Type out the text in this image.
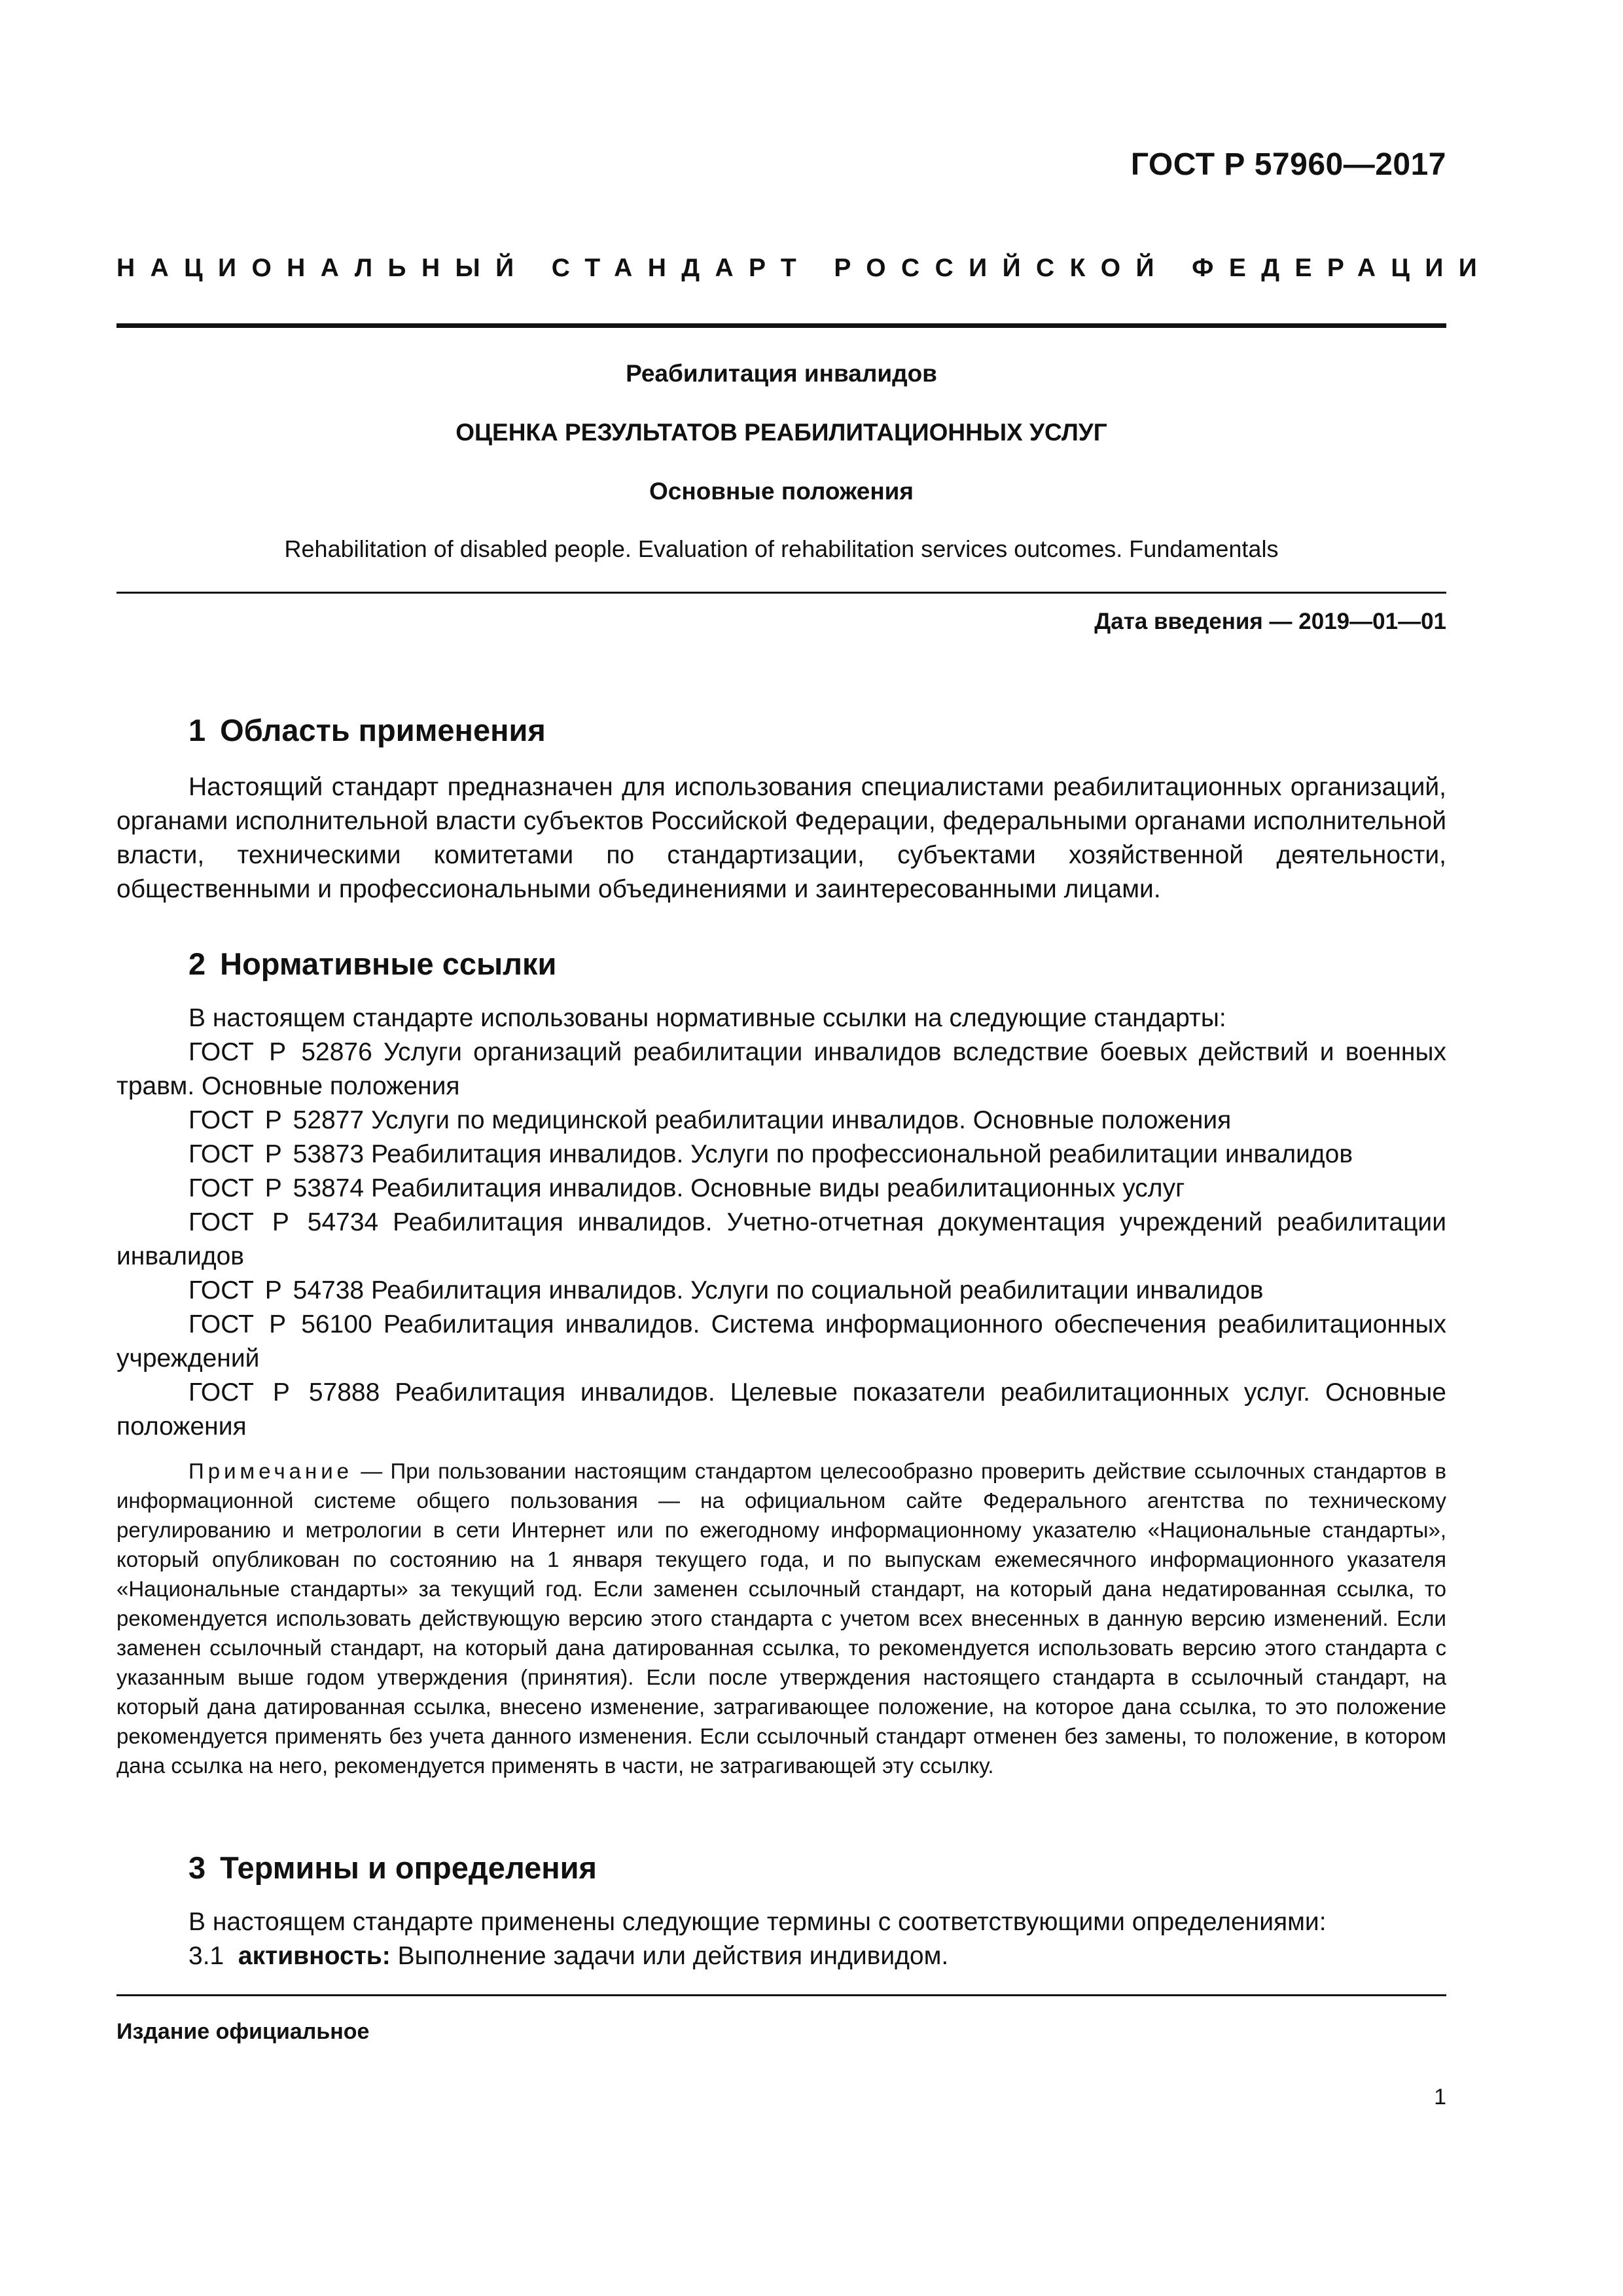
ГОСТ Р 57960—2017
НАЦИОНАЛЬНЫЙ СТАНДАРТ РОССИЙСКОЙ ФЕДЕРАЦИИ
Реабилитация инвалидов
ОЦЕНКА РЕЗУЛЬТАТОВ РЕАБИЛИТАЦИОННЫХ УСЛУГ
Основные положения
Rehabilitation of disabled people. Evaluation of rehabilitation services outcomes. Fundamentals
Дата введения — 2019—01—01
1 Область применения
Настоящий стандарт предназначен для использования специалистами реабилитационных организаций, органами исполнительной власти субъектов Российской Федерации, федеральными органами исполнительной власти, техническими комитетами по стандартизации, субъектами хозяйственной деятельности, общественными и профессиональными объединениями и заинтересованными лицами.
2 Нормативные ссылки
В настоящем стандарте использованы нормативные ссылки на следующие стандарты:
ГОСТ Р 52876 Услуги организаций реабилитации инвалидов вследствие боевых действий и военных травм. Основные положения
ГОСТ Р 52877 Услуги по медицинской реабилитации инвалидов. Основные положения
ГОСТ Р 53873 Реабилитация инвалидов. Услуги по профессиональной реабилитации инвалидов
ГОСТ Р 53874 Реабилитация инвалидов. Основные виды реабилитационных услуг
ГОСТ Р 54734 Реабилитация инвалидов. Учетно-отчетная документация учреждений реабилитации инвалидов
ГОСТ Р 54738 Реабилитация инвалидов. Услуги по социальной реабилитации инвалидов
ГОСТ Р 56100 Реабилитация инвалидов. Система информационного обеспечения реабилитационных учреждений
ГОСТ Р 57888 Реабилитация инвалидов. Целевые показатели реабилитационных услуг. Основные положения
Примечание — При пользовании настоящим стандартом целесообразно проверить действие ссылочных стандартов в информационной системе общего пользования — на официальном сайте Федерального агентства по техническому регулированию и метрологии в сети Интернет или по ежегодному информационному указателю «Национальные стандарты», который опубликован по состоянию на 1 января текущего года, и по выпускам ежемесячного информационного указателя «Национальные стандарты» за текущий год. Если заменен ссылочный стандарт, на который дана недатированная ссылка, то рекомендуется использовать действующую версию этого стандарта с учетом всех внесенных в данную версию изменений. Если заменен ссылочный стандарт, на который дана датированная ссылка, то рекомендуется использовать версию этого стандарта с указанным выше годом утверждения (принятия). Если после утверждения настоящего стандарта в ссылочный стандарт, на который дана датированная ссылка, внесено изменение, затрагивающее положение, на которое дана ссылка, то это положение рекомендуется применять без учета данного изменения. Если ссылочный стандарт отменен без замены, то положение, в котором дана ссылка на него, рекомендуется применять в части, не затрагивающей эту ссылку.
3 Термины и определения
В настоящем стандарте применены следующие термины с соответствующими определениями:
3.1 активность: Выполнение задачи или действия индивидом.
Издание официальное
1
